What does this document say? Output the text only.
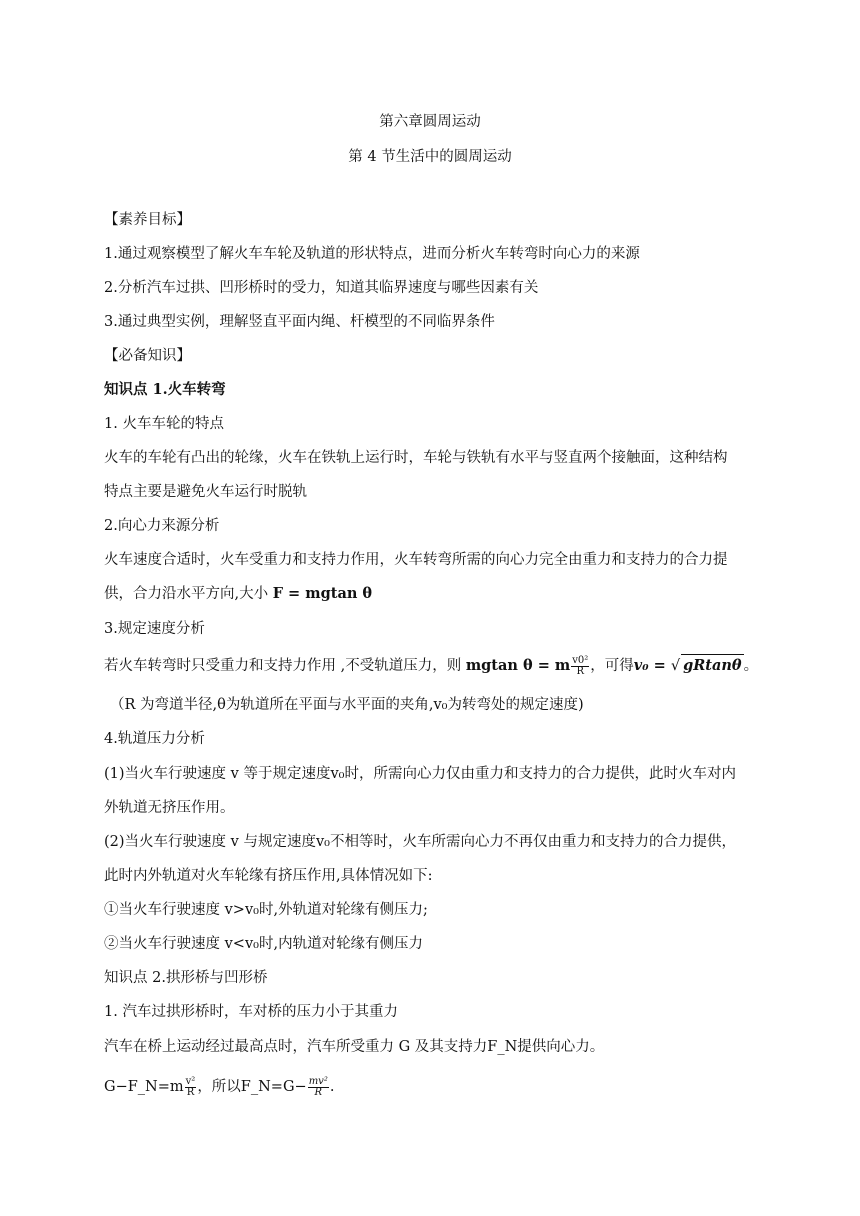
第六章圆周运动
第 4 节生活中的圆周运动
【素养目标】
1.通过观察模型了解火车车轮及轨道的形状特点，进而分析火车转弯时向心力的来源
2.分析汽车过拱、凹形桥时的受力，知道其临界速度与哪些因素有关
3.通过典型实例，理解竖直平面内绳、杆模型的不同临界条件
【必备知识】
知识点 1.火车转弯
1. 火车车轮的特点
火车的车轮有凸出的轮缘，火车在铁轨上运行时，车轮与铁轨有水平与竖直两个接触面，这种结构
特点主要是避免火车运行时脱轨
2.向心力来源分析
火车速度合适时，火车受重力和支持力作用，火车转弯所需的向心力完全由重力和支持力的合力提
供，合力沿水平方向,大小 F = mgtan θ
3.规定速度分析
若火车转弯时只受重力和支持力作用 ,不受轨道压力，则 mgtan θ = m $\frac{\text{v0²}}{R}$ ，可得v₀ = √ gRtanθ 。
（R 为弯道半径,θ为轨道所在平面与水平面的夹角,v₀为转弯处的规定速度)
4.轨道压力分析
(1)当火车行驶速度 v 等于规定速度v₀时，所需向心力仅由重力和支持力的合力提供，此时火车对内
外轨道无挤压作用。
(2)当火车行驶速度 v 与规定速度v₀不相等时，火车所需向心力不再仅由重力和支持力的合力提供，
此时内外轨道对火车轮缘有挤压作用,具体情况如下:
①当火车行驶速度 v>v₀时,外轨道对轮缘有侧压力;
②当火车行驶速度 v<v₀时,内轨道对轮缘有侧压力
知识点 2.拱形桥与凹形桥
1. 汽车过拱形桥时，车对桥的压力小于其重力
汽车在桥上运动经过最高点时，汽车所受重力 G 及其支持力F_N提供向心力。
G−F_N=m $\frac{\text{v²}}{R}$ ，所以F_N=G− $\frac{\text{mv²}}{R}$ .
